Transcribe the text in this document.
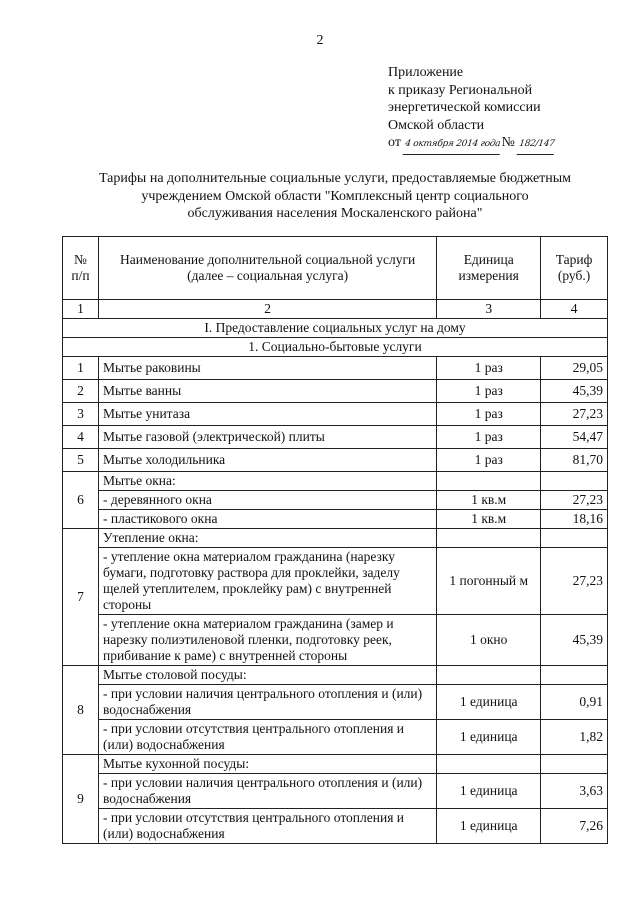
2
Приложение
к приказу Региональной
энергетической комиссии
Омской области
от 4 октября 2014 года№ 182/147
Тарифы на дополнительные социальные услуги, предоставляемые бюджетным
учреждением Омской области "Комплексный центр социального
обслуживания населения Москаленского района"
№ п/п	Наименование дополнительной социальной услуги (далее – социальная услуга)	Единица измерения	Тариф (руб.)
1	2	3	4
I. Предоставление социальных услуг на дому			
1. Социально-бытовые услуги			
1	Мытье раковины	1 раз	29,05
2	Мытье ванны	1 раз	45,39
3	Мытье унитаза	1 раз	27,23
4	Мытье газовой (электрической) плиты	1 раз	54,47
5	Мытье холодильника	1 раз	81,70
6	Мытье окна:		
	- деревянного окна	1 кв.м	27,23
	- пластикового окна	1 кв.м	18,16
7	Утепление окна:		
	- утепление окна материалом гражданина (нарезку бумаги, подготовку раствора для проклейки, заделу щелей утеплителем, проклейку рам) с внутренней стороны	1 погонный м	27,23
	- утепление окна материалом гражданина (замер и нарезку полиэтиленовой пленки, подготовку реек, прибивание к раме) с внутренней стороны	1 окно	45,39
8	Мытье столовой посуды:		
	- при условии наличия центрального отопления и (или) водоснабжения	1 единица	0,91
	- при условии отсутствия центрального отопления и (или) водоснабжения	1 единица	1,82
9	Мытье кухонной посуды:		
	- при условии наличия центрального отопления и (или) водоснабжения	1 единица	3,63
	- при условии отсутствия центрального отопления и (или) водоснабжения	1 единица	7,26
